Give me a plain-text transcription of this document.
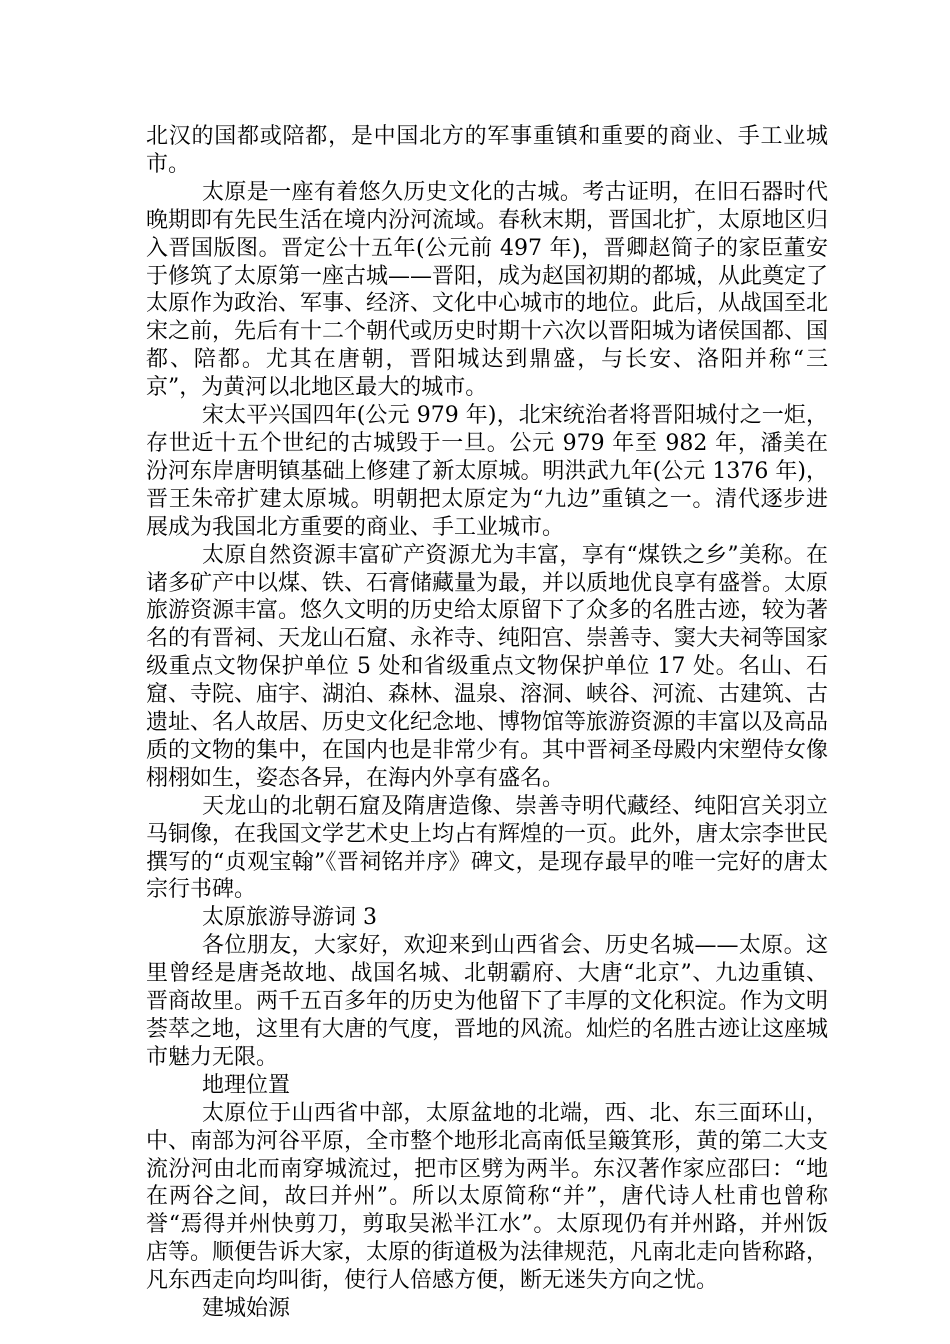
北汉的国都或陪都，是中国北方的军事重镇和重要的商业、手工业城市。

太原是一座有着悠久历史文化的古城。考古证明，在旧石器时代晚期即有先民生活在境内汾河流域。春秋末期，晋国北扩，太原地区归入晋国版图。晋定公十五年(公元前 497 年)，晋卿赵简子的家臣董安于修筑了太原第一座古城——晋阳，成为赵国初期的都城，从此奠定了太原作为政治、军事、经济、文化中心城市的地位。此后，从战国至北宋之前，先后有十二个朝代或历史时期十六次以晋阳城为诸侯国都、国都、陪都。尤其在唐朝，晋阳城达到鼎盛，与长安、洛阳并称“三京”，为黄河以北地区最大的城市。

宋太平兴国四年(公元 979 年)，北宋统治者将晋阳城付之一炬，存世近十五个世纪的古城毁于一旦。公元 979 年至 982 年，潘美在汾河东岸唐明镇基础上修建了新太原城。明洪武九年(公元 1376 年)，晋王朱帝扩建太原城。明朝把太原定为“九边”重镇之一。清代逐步进展成为我国北方重要的商业、手工业城市。

太原自然资源丰富矿产资源尤为丰富，享有“煤铁之乡”美称。在诸多矿产中以煤、铁、石膏储藏量为最，并以质地优良享有盛誉。太原旅游资源丰富。悠久文明的历史给太原留下了众多的名胜古迹，较为著名的有晋祠、天龙山石窟、永祚寺、纯阳宫、崇善寺、窦大夫祠等国家级重点文物保护单位 5 处和省级重点文物保护单位 17 处。名山、石窟、寺院、庙宇、湖泊、森林、温泉、溶洞、峡谷、河流、古建筑、古遗址、名人故居、历史文化纪念地、博物馆等旅游资源的丰富以及高品质的文物的集中，在国内也是非常少有。其中晋祠圣母殿内宋塑侍女像栩栩如生，姿态各异，在海内外享有盛名。

天龙山的北朝石窟及隋唐造像、崇善寺明代藏经、纯阳宫关羽立马铜像，在我国文学艺术史上均占有辉煌的一页。此外，唐太宗李世民撰写的“贞观宝翰”《晋祠铭并序》碑文，是现存最早的唯一完好的唐太宗行书碑。

太原旅游导游词 3

各位朋友，大家好，欢迎来到山西省会、历史名城——太原。这里曾经是唐尧故地、战国名城、北朝霸府、大唐“北京”、九边重镇、晋商故里。两千五百多年的历史为他留下了丰厚的文化积淀。作为文明荟萃之地，这里有大唐的气度，晋地的风流。灿烂的名胜古迹让这座城市魅力无限。

地理位置

太原位于山西省中部，太原盆地的北端，西、北、东三面环山，中、南部为河谷平原，全市整个地形北高南低呈簸箕形，黄的第二大支流汾河由北而南穿城流过，把市区劈为两半。东汉著作家应邵曰：“地在两谷之间，故曰并州”。所以太原简称“并”，唐代诗人杜甫也曾称誉“焉得并州快剪刀，剪取吴淞半江水”。太原现仍有并州路，并州饭店等。顺便告诉大家，太原的街道极为法律规范，凡南北走向皆称路，凡东西走向均叫街，使行人倍感方便，断无迷失方向之忧。

建城始源
